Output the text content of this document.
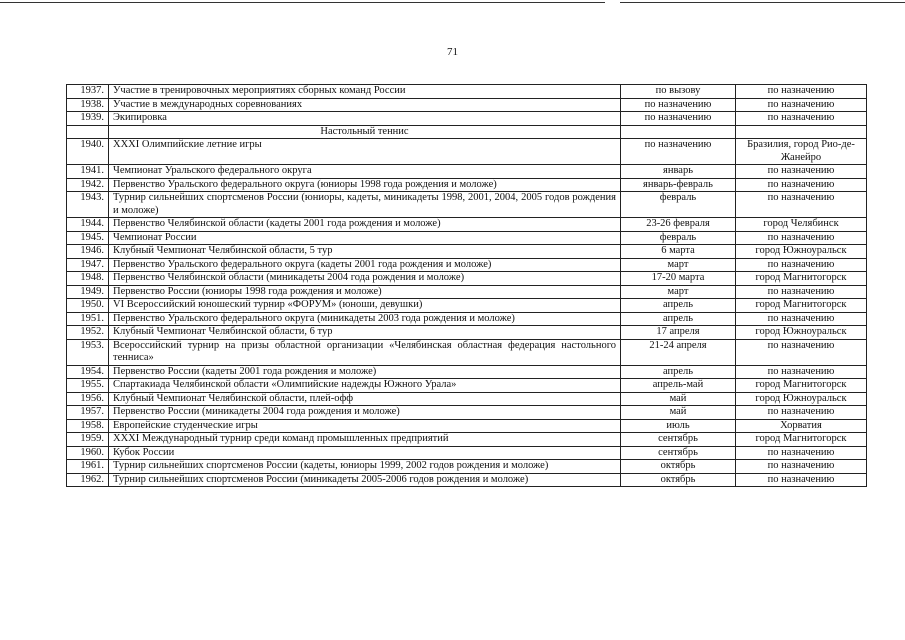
71
1937.	Участие в тренировочных мероприятиях сборных команд России	по вызову	по назначению
1938.	Участие в международных соревнованиях	по назначению	по назначению
1939.	Экипировка	по назначению	по назначению
	Настольный теннис		
1940.	XXXI Олимпийские летние игры	по назначению	Бразилия, город Рио-де-Жанейро
1941.	Чемпионат Уральского федерального округа	январь	по назначению
1942.	Первенство Уральского федерального округа (юниоры 1998 года рождения и моложе)	январь-февраль	по назначению
1943.	Турнир сильнейших спортсменов России (юниоры, кадеты, миникадеты 1998, 2001, 2004, 2005 годов рождения и моложе)	февраль	по назначению
1944.	Первенство Челябинской области (кадеты 2001 года рождения и моложе)	23-26 февраля	город Челябинск
1945.	Чемпионат России	февраль	по назначению
1946.	Клубный Чемпионат Челябинской области, 5 тур	6 марта	город Южноуральск
1947.	Первенство Уральского федерального округа (кадеты 2001 года рождения и моложе)	март	по назначению
1948.	Первенство Челябинской области (миникадеты 2004 года рождения и моложе)	17-20 марта	город Магнитогорск
1949.	Первенство России (юниоры 1998 года рождения и моложе)	март	по назначению
1950.	VI Всероссийский юношеский турнир «ФОРУМ» (юноши, девушки)	апрель	город Магнитогорск
1951.	Первенство Уральского федерального округа (миникадеты 2003 года рождения и моложе)	апрель	по назначению
1952.	Клубный Чемпионат Челябинской области, 6 тур	17 апреля	город Южноуральск
1953.	Всероссийский турнир на призы областной организации «Челябинская областная федерация настольного тенниса»	21-24 апреля	по назначению
1954.	Первенство России (кадеты 2001 года рождения и моложе)	апрель	по назначению
1955.	Спартакиада Челябинской области «Олимпийские надежды Южного Урала»	апрель-май	город Магнитогорск
1956.	Клубный Чемпионат Челябинской области, плей-офф	май	город Южноуральск
1957.	Первенство России (миникадеты 2004 года рождения и моложе)	май	по назначению
1958.	Европейские студенческие игры	июль	Хорватия
1959.	XXXI Международный турнир среди команд промышленных предприятий	сентябрь	город Магнитогорск
1960.	Кубок России	сентябрь	по назначению
1961.	Турнир сильнейших спортсменов России (кадеты, юниоры 1999, 2002 годов рождения и моложе)	октябрь	по назначению
1962.	Турнир сильнейших спортсменов России (миникадеты 2005-2006 годов рождения и моложе)	октябрь	по назначению
